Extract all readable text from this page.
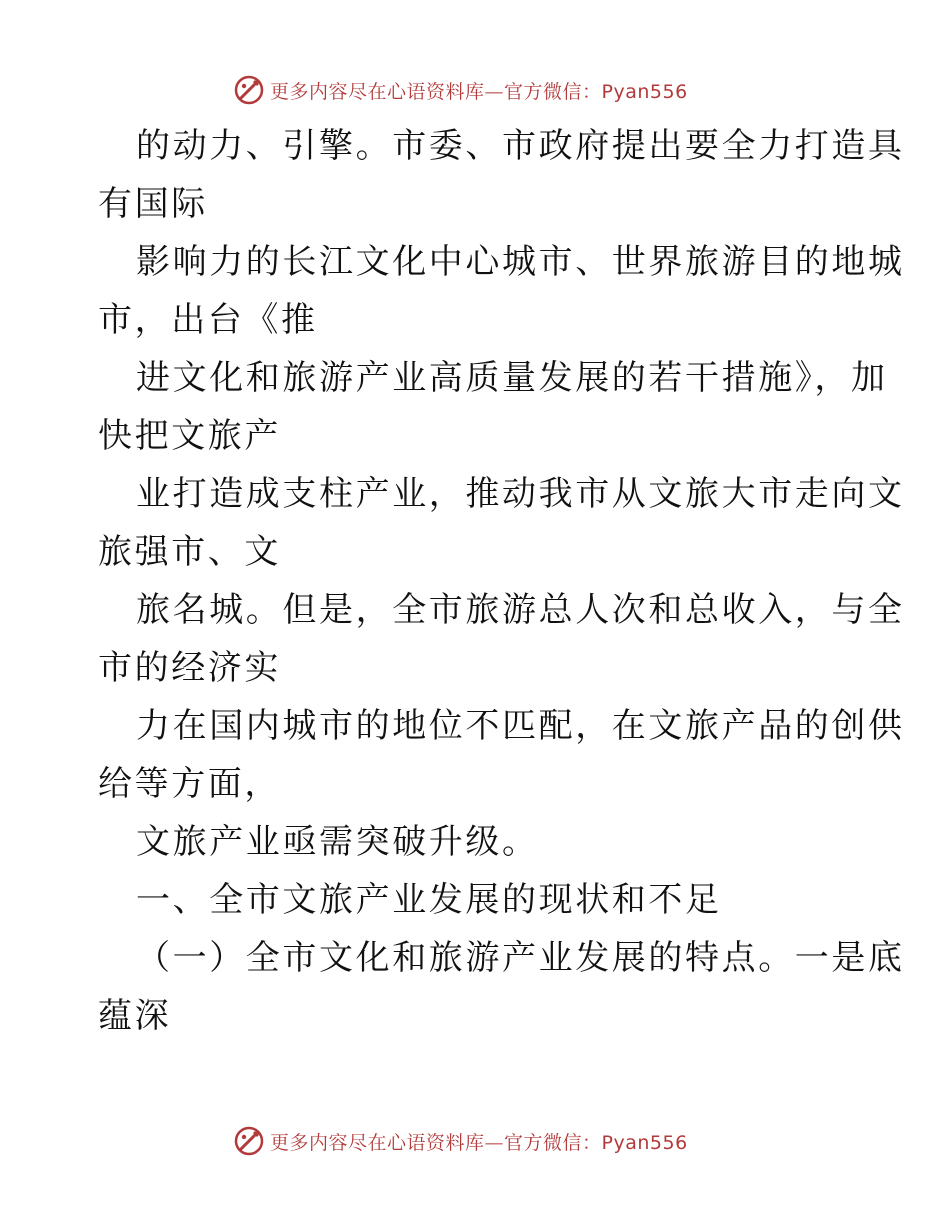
更多内容尽在心语资料库—官方微信：Pyan556
的动力、引擎。市委、市政府提出要全力打造具
有国际
影响力的长江文化中心城市、世界旅游目的地城
市，出台《推
进文化和旅游产业高质量发展的若干措施》，加
快把文旅产
业打造成支柱产业，推动我市从文旅大市走向文
旅强市、文
旅名城。但是，全市旅游总人次和总收入，与全
市的经济实
力在国内城市的地位不匹配，在文旅产品的创供
给等方面，
文旅产业亟需突破升级。
一、全市文旅产业发展的现状和不足
（一）全市文化和旅游产业发展的特点。一是底
蕴深
更多内容尽在心语资料库—官方微信：Pyan556
